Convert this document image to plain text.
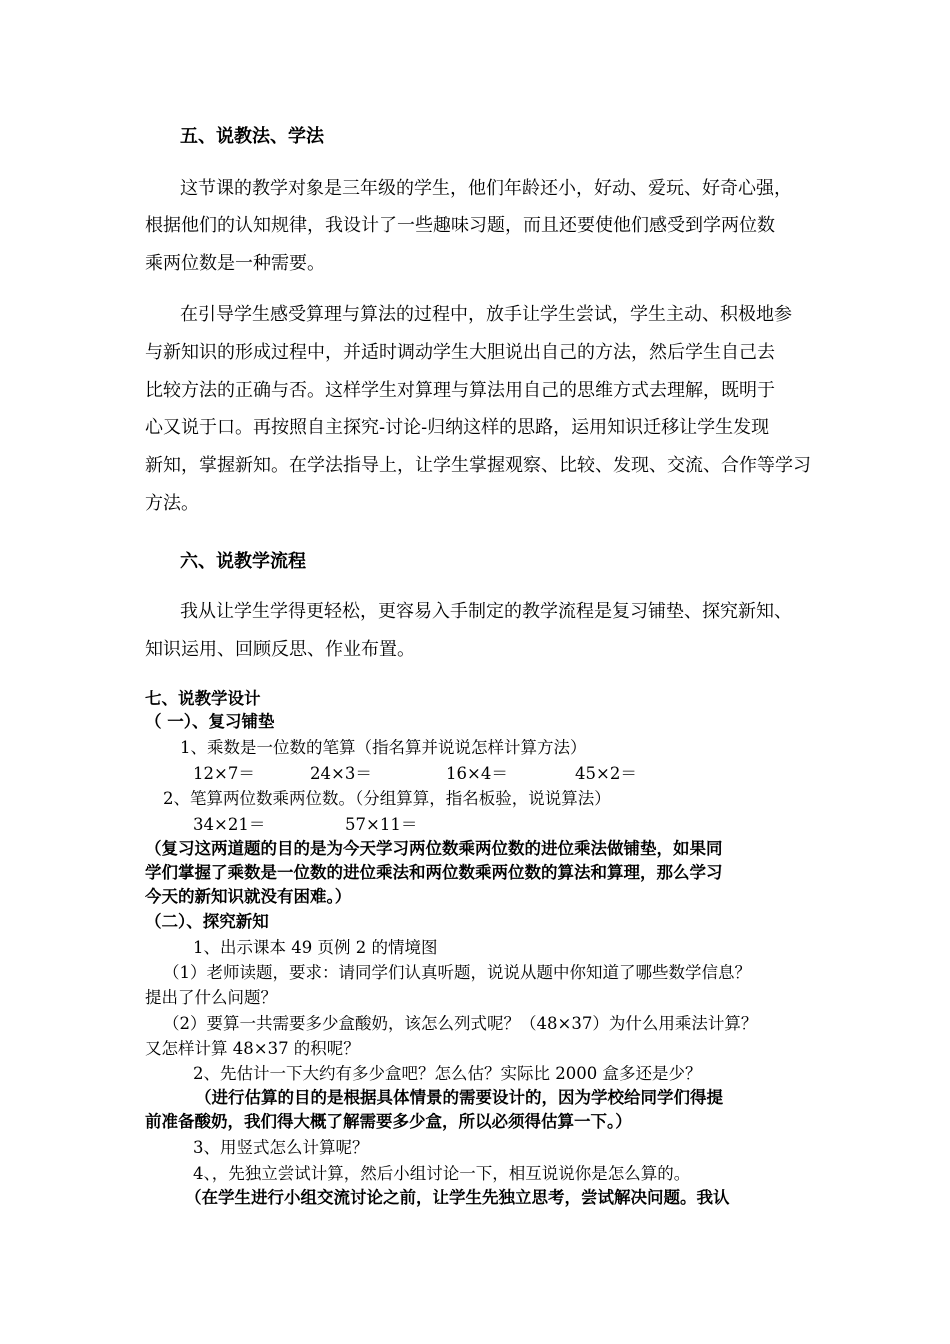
五、说教法、学法

这节课的教学对象是三年级的学生，他们年龄还小，好动、爱玩、好奇心强，

根据他们的认知规律，我设计了一些趣味习题，而且还要使他们感受到学两位数

乘两位数是一种需要。

在引导学生感受算理与算法的过程中，放手让学生尝试，学生主动、积极地参

与新知识的形成过程中，并适时调动学生大胆说出自己的方法，然后学生自己去

比较方法的正确与否。这样学生对算理与算法用自己的思维方式去理解，既明于

心又说于口。再按照自主探究-讨论-归纳这样的思路，运用知识迁移让学生发现

新知，掌握新知。在学法指导上，让学生掌握观察、比较、发现、交流、合作等学习

方法。

六、说教学流程

我从让学生学得更轻松，更容易入手制定的教学流程是复习铺垫、探究新知、

知识运用、回顾反思、作业布置。

七、说教学设计

（ 一）、复习铺垫

1、乘数是一位数的笔算（指名算并说说怎样计算方法）

12×7＝	24×3＝	16×4＝	45×2＝

2、笔算两位数乘两位数。（分组算算，指名板验，说说算法）

34×21＝	57×11＝

（复习这两道题的目的是为今天学习两位数乘两位数的进位乘法做铺垫，如果同

学们掌握了乘数是一位数的进位乘法和两位数乘两位数的算法和算理，那么学习

今天的新知识就没有困难。）

（二）、探究新知

1、出示课本 49 页例 2 的情境图

（1）老师读题，要求：请同学们认真听题，说说从题中你知道了哪些数学信息？

提出了什么问题？

（2）要算一共需要多少盒酸奶，该怎么列式呢？（48×37）为什么用乘法计算？

又怎样计算 48×37 的积呢？

2、先估计一下大约有多少盒吧？怎么估？实际比 2000 盒多还是少？

（进行估算的目的是根据具体情景的需要设计的，因为学校给同学们得提

前准备酸奶，我们得大概了解需要多少盒，所以必须得估算一下。）

3、用竖式怎么计算呢？

4、，先独立尝试计算，然后小组讨论一下，相互说说你是怎么算的。

（在学生进行小组交流讨论之前，让学生先独立思考，尝试解决问题。我认
